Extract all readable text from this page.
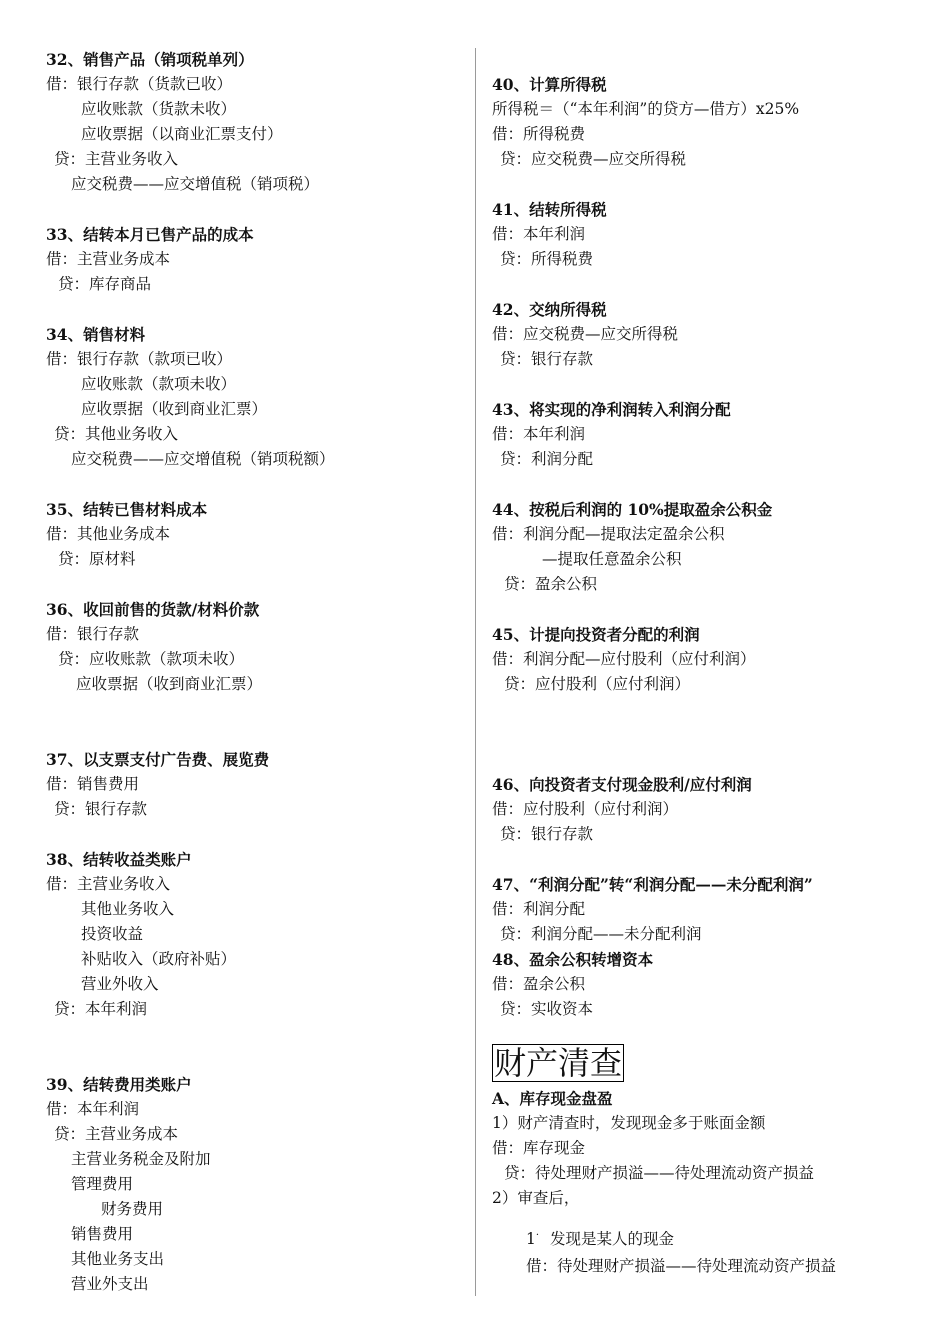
32、销售产品（销项税单列）
借：银行存款（货款已收）
应收账款（货款未收）
应收票据（以商业汇票支付）
贷：主营业务收入
应交税费——应交增值税（销项税）
33、结转本月已售产品的成本
借：主营业务成本
贷：库存商品
34、销售材料
借：银行存款（款项已收）
应收账款（款项未收）
应收票据（收到商业汇票）
贷：其他业务收入
应交税费——应交增值税（销项税额）
35、结转已售材料成本
借：其他业务成本
贷：原材料
36、收回前售的货款/材料价款
借：银行存款
贷：应收账款（款项未收）
应收票据（收到商业汇票）
37、以支票支付广告费、展览费
借：销售费用
贷：银行存款
38、结转收益类账户
借：主营业务收入
其他业务收入
投资收益
补贴收入（政府补贴）
营业外收入
贷：本年利润
39、结转费用类账户
借：本年利润
贷：主营业务成本
主营业务税金及附加
管理费用
财务费用
销售费用
其他业务支出
营业外支出
40、计算所得税
所得税＝（“本年利润”的贷方—借方）x25%
借：所得税费
贷：应交税费—应交所得税
41、结转所得税
借：本年利润
贷：所得税费
42、交纳所得税
借：应交税费—应交所得税
贷：银行存款
43、将实现的净利润转入利润分配
借：本年利润
贷：利润分配
44、按税后利润的 10%提取盈余公积金
借：利润分配—提取法定盈余公积
—提取任意盈余公积
贷：盈余公积
45、计提向投资者分配的利润
借：利润分配—应付股利（应付利润）
贷：应付股利（应付利润）
46、向投资者支付现金股利/应付利润
借：应付股利（应付利润）
贷：银行存款
47、“利润分配”转“利润分配——未分配利润”
借：利润分配
贷：利润分配——未分配利润
48、盈余公积转增资本
借：盈余公积
贷：实收资本
财产清查
A、库存现金盘盈
1）财产清查时，发现现金多于账面金额
借：库存现金
贷：待处理财产损溢——待处理流动资产损益
2）审查后，
1· 发现是某人的现金
借：待处理财产损溢——待处理流动资产损益
